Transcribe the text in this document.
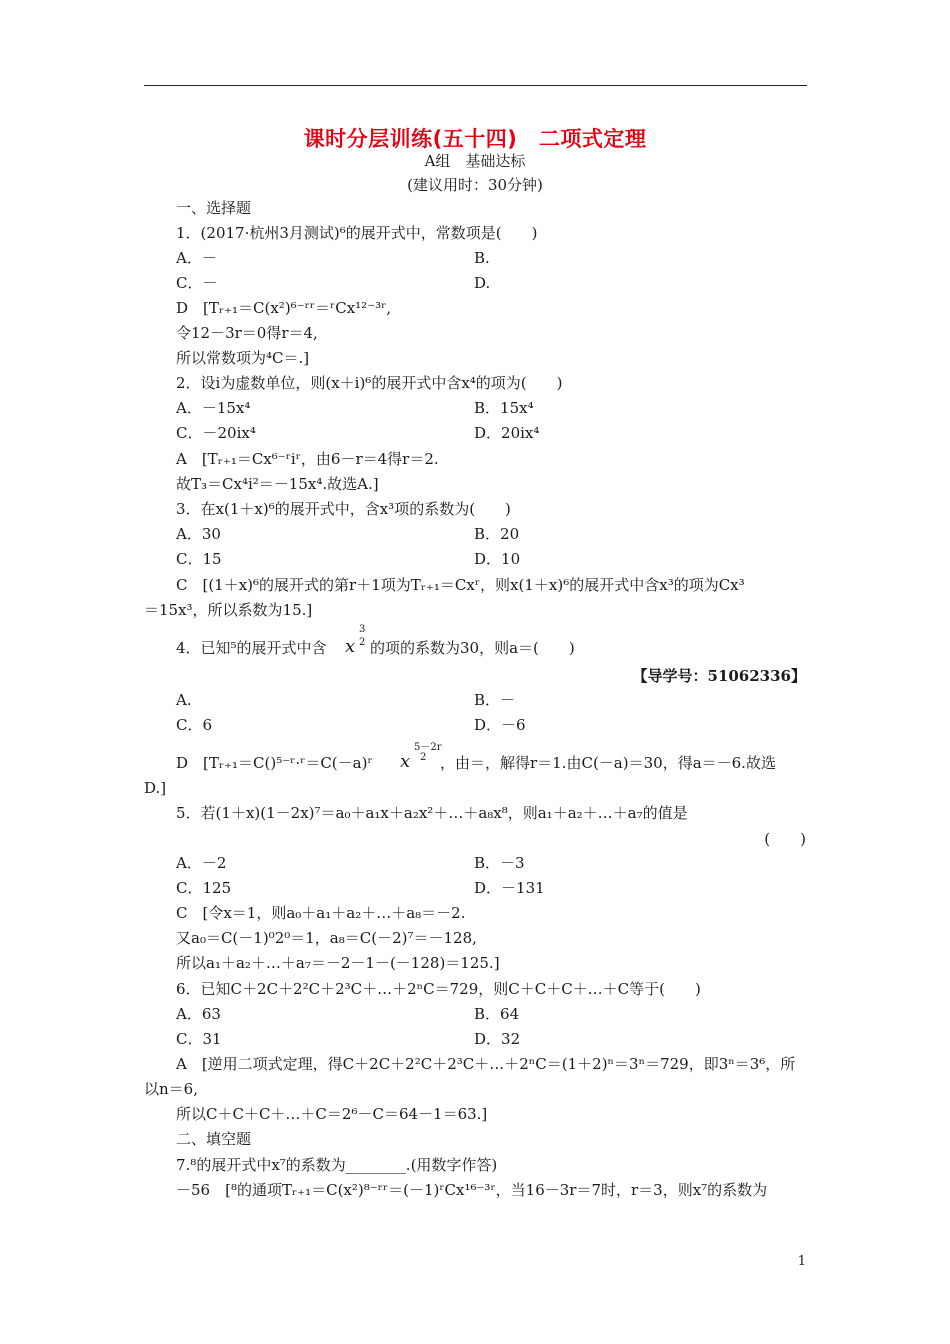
课时分层训练(五十四)　二项式定理
A组　基础达标
(建议用时：30分钟)
一、选择题
1．(2017·杭州3月测试)⁶的展开式中，常数项是(　　)
A．－	B.
C．－	D.
D　[Tᵣ₊₁＝C(x²)⁶⁻ʳʳ＝ʳCx¹²⁻³ʳ,
令12－3r＝0得r＝4,
所以常数项为⁴C＝.]
2．设i为虚数单位，则(x＋i)⁶的展开式中含x⁴的项为(　　)
A．－15x⁴	B．15x⁴
C．－20ix⁴	D．20ix⁴
A　[Tᵣ₊₁＝Cx⁶⁻ʳiʳ，由6－r＝4得r＝2.
故T₃＝Cx⁴i²＝－15x⁴.故选A.]
3．在x(1＋x)⁶的展开式中，含x³项的系数为(　　)
A．30	B．20
C．15	D．10
C　[(1＋x)⁶的展开式的第r＋1项为Tᵣ₊₁＝Cxʳ，则x(1＋x)⁶的展开式中含x³的项为Cx³
＝15x³，所以系数为15.]
4．已知⁵的展开式中含 x
3
2 的项的系数为30，则a＝(　　)
【导学号：51062336】
A.	B．－
C．6	D．－6
D　[Tᵣ₊₁＝C()⁵⁻ʳ·ʳ＝C(－a)ʳ x
5－2r
2 ，由＝，解得r＝1.由C(－a)＝30，得a＝－6.故选
D.]
5．若(1＋x)(1－2x)⁷＝a₀＋a₁x＋a₂x²＋…＋a₈x⁸，则a₁＋a₂＋…＋a₇的值是
(　　)
A．－2	B．－3
C．125	D．－131
C　[令x＝1，则a₀＋a₁＋a₂＋…＋a₈＝－2.
又a₀＝C(－1)⁰2⁰＝1，a₈＝C(－2)⁷＝－128,
所以a₁＋a₂＋…＋a₇＝－2－1－(－128)＝125.]
6．已知C＋2C＋2²C＋2³C＋…＋2ⁿC＝729，则C＋C＋C＋…＋C等于(　　)
A．63	B．64
C．31	D．32
A　[逆用二项式定理，得C＋2C＋2²C＋2³C＋…＋2ⁿC＝(1＋2)ⁿ＝3ⁿ＝729，即3ⁿ＝3⁶，所
以n＝6,
所以C＋C＋C＋…＋C＝2⁶－C＝64－1＝63.]
二、填空题
7.⁸的展开式中x⁷的系数为________.(用数字作答)
－56　[⁸的通项Tᵣ₊₁＝C(x²)⁸⁻ʳʳ＝(－1)ʳCx¹⁶⁻³ʳ，当16－3r＝7时，r＝3，则x⁷的系数为
1
